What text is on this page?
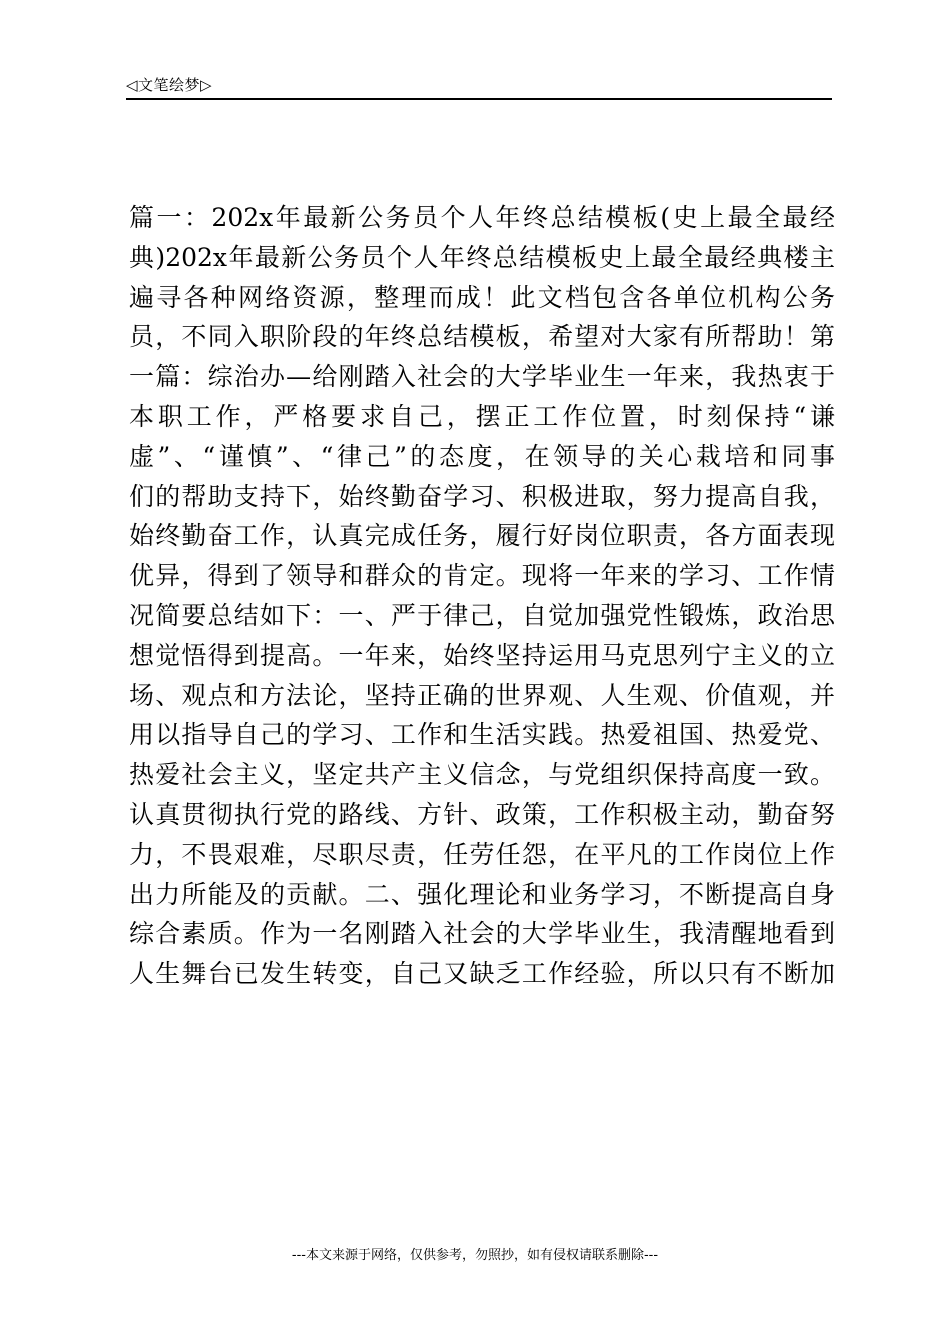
◁文笔绘梦▷
篇一：202x年最新公务员个人年终总结模板(史上最全最经
典)202x年最新公务员个人年终总结模板史上最全最经典楼主
遍寻各种网络资源，整理而成！此文档包含各单位机构公务
员，不同入职阶段的年终总结模板，希望对大家有所帮助！第
一篇：综治办—给刚踏入社会的大学毕业生一年来，我热衷于
本职工作，严格要求自己，摆正工作位置，时刻保持“谦
虚”、“谨慎”、“律己”的态度，在领导的关心栽培和同事
们的帮助支持下，始终勤奋学习、积极进取，努力提高自我，
始终勤奋工作，认真完成任务，履行好岗位职责，各方面表现
优异，得到了领导和群众的肯定。现将一年来的学习、工作情
况简要总结如下：一、严于律己，自觉加强党性锻炼，政治思
想觉悟得到提高。一年来，始终坚持运用马克思列宁主义的立
场、观点和方法论，坚持正确的世界观、人生观、价值观，并
用以指导自己的学习、工作和生活实践。热爱祖国、热爱党、
热爱社会主义，坚定共产主义信念，与党组织保持高度一致。
认真贯彻执行党的路线、方针、政策，工作积极主动，勤奋努
力，不畏艰难，尽职尽责，任劳任怨，在平凡的工作岗位上作
出力所能及的贡献。二、强化理论和业务学习，不断提高自身
综合素质。作为一名刚踏入社会的大学毕业生，我清醒地看到
人生舞台已发生转变，自己又缺乏工作经验，所以只有不断加
---本文来源于网络，仅供参考，勿照抄，如有侵权请联系删除---
